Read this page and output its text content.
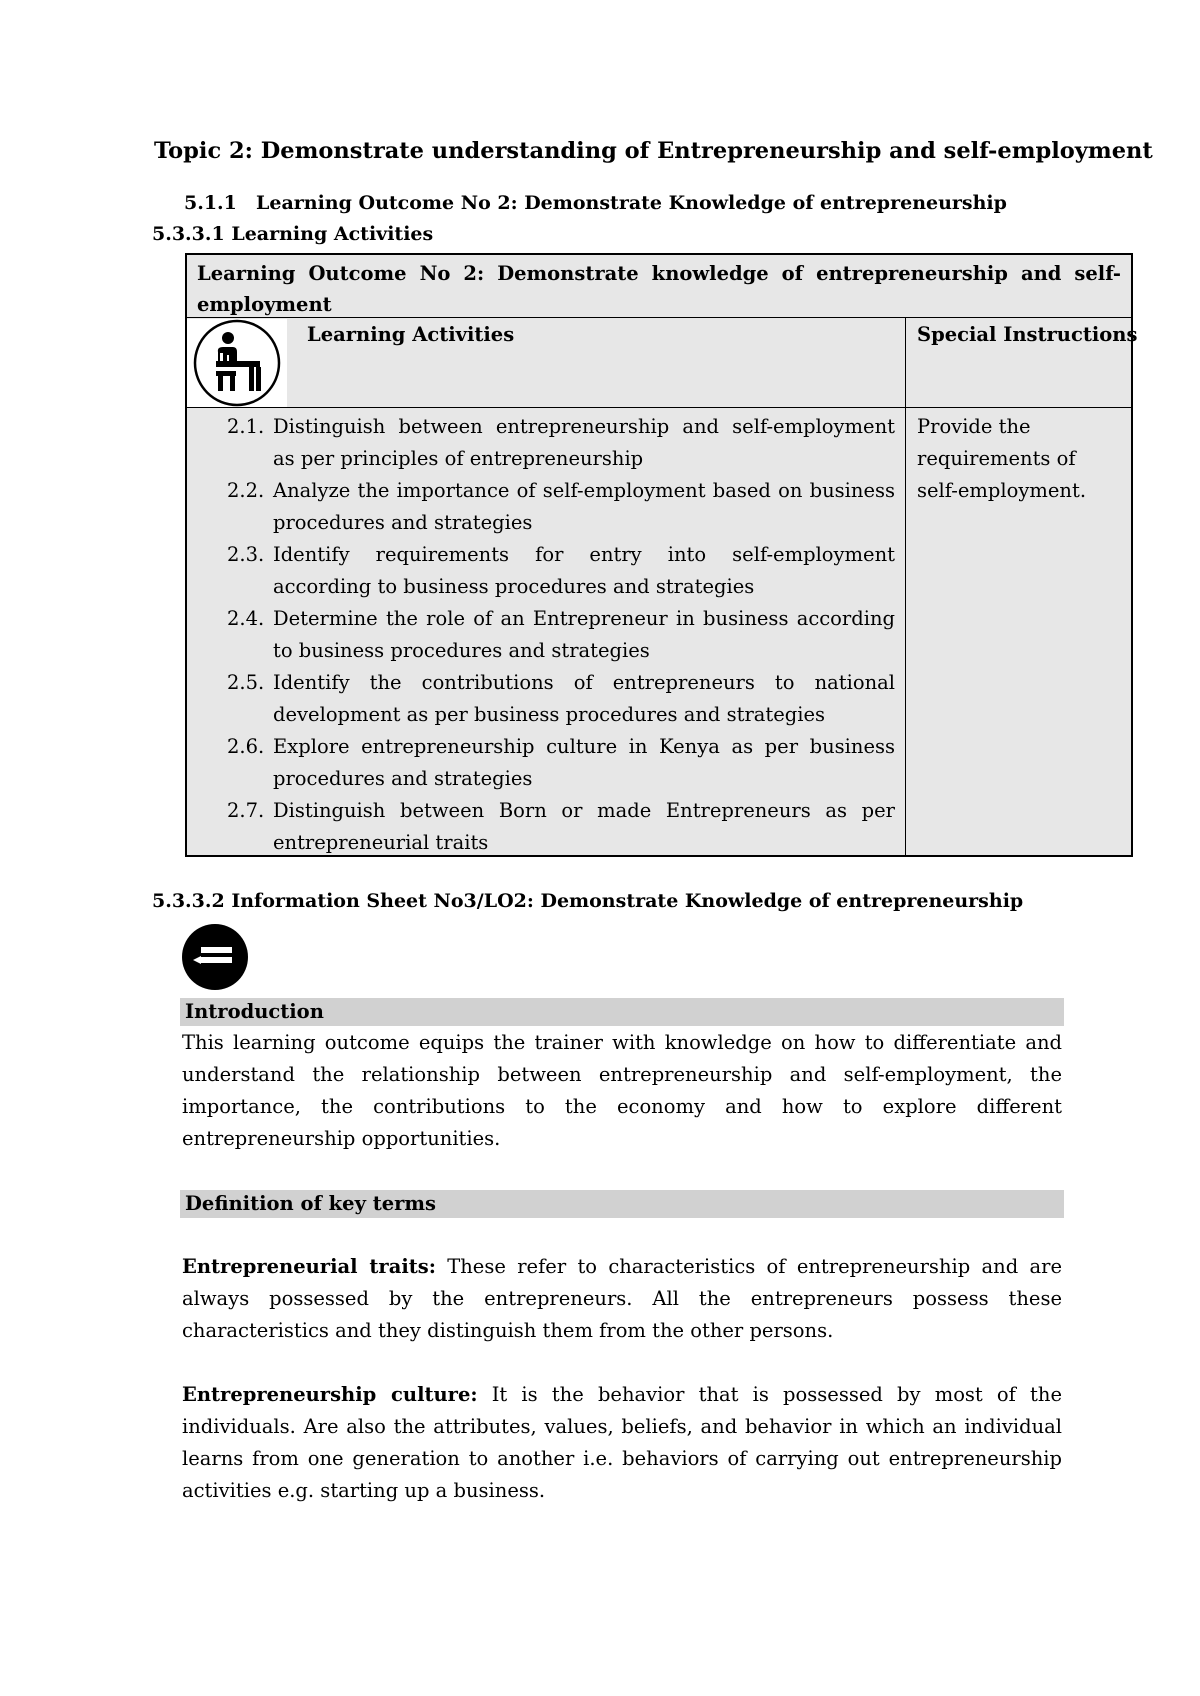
Topic 2: Demonstrate understanding of Entrepreneurship and self-employment
5.1.1 Learning Outcome No 2: Demonstrate Knowledge of entrepreneurship
5.3.3.1 Learning Activities
Learning Outcome No 2: Demonstrate knowledge of entrepreneurship and self-employment
Learning Activities	Special Instructions
2.1. Distinguish between entrepreneurship and self-employment as per principles of entrepreneurship
2.2. Analyze the importance of self-employment based on business procedures and strategies
2.3. Identify requirements for entry into self-employment according to business procedures and strategies
2.4. Determine the role of an Entrepreneur in business according to business procedures and strategies
2.5. Identify the contributions of entrepreneurs to national development as per business procedures and strategies
2.6. Explore entrepreneurship culture in Kenya as per business procedures and strategies
2.7. Distinguish between Born or made Entrepreneurs as per entrepreneurial traits
Provide the requirements of self-employment.
5.3.3.2 Information Sheet No3/LO2: Demonstrate Knowledge of entrepreneurship
Introduction
This learning outcome equips the trainer with knowledge on how to differentiate and understand the relationship between entrepreneurship and self-employment, the importance, the contributions to the economy and how to explore different entrepreneurship opportunities.
Definition of key terms
Entrepreneurial traits: These refer to characteristics of entrepreneurship and are always possessed by the entrepreneurs. All the entrepreneurs possess these characteristics and they distinguish them from the other persons.
Entrepreneurship culture: It is the behavior that is possessed by most of the individuals. Are also the attributes, values, beliefs, and behavior in which an individual learns from one generation to another i.e. behaviors of carrying out entrepreneurship activities e.g. starting up a business.
